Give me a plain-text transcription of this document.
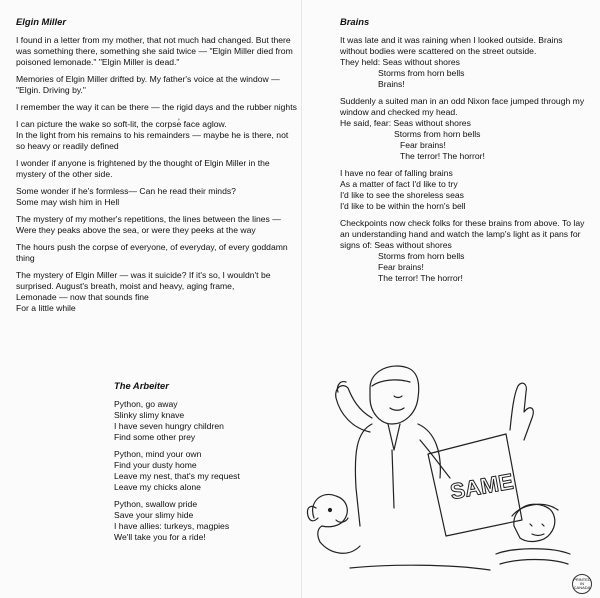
Elgin Miller

I found in a letter from my mother, that not much had changed. But there
was something there, something she said twice — "Elgin Miller died from
poisoned lemonade." "Elgin Miller is dead."

Memories of Elgin Miller drifted by. My father's voice at the window —
"Elgin. Driving by."

I remember the way it can be there — the rigid days and the rubber nights

I can picture the wake so soft-lit, the corpse̓ face aglow.
In the light from his remains to his remainders — maybe he is there, not
so heavy or readily defined

I wonder if anyone is frightened by the thought of Elgin Miller in the
mystery of the other side.

Some wonder if he's formless— Can he read their minds?
Some may wish him in Hell

The mystery of my mother's repetitions, the lines between the lines —
Were they peaks above the sea, or were they peeks at the way

The hours push the corpse of everyone, of everyday, of every goddamn
thing

The mystery of Elgin Miller — was it suicide? If it's so, I wouldn't be
surprised. August's breath, moist and heavy, aging frame,
Lemonade — now that sounds fine
For a little while

The Arbeiter

Python, go away
Slinky slimy knave
I have seven hungry children
Find some other prey

Python, mind your own
Find your dusty home
Leave my nest, that's my request
Leave my chicks alone

Python, swallow pride
Save your slimy hide
I have allies: turkeys, magpies
We'll take you for a ride!

Brains

It was late and it was raining when I looked outside. Brains
without bodies were scattered on the street outside.
They held: Seas without shores
Storms from horn bells
Brains!

Suddenly a suited man in an odd Nixon face jumped through my
window and checked my head.
He said, fear: Seas without shores
Storms from horn bells
Fear brains!
The terror! The horror!

I have no fear of falling brains
As a matter of fact I'd like to try
I'd like to see the shoreless seas
I'd like to be within the horn's bell

Checkpoints now check folks for these brains from above. To lay
an understanding hand and watch the lamp's light as it pans for
signs of: Seas without shores
Storms from horn bells
Fear brains!
The terror! The horror!

SAME
PRINTED IN CANADA
